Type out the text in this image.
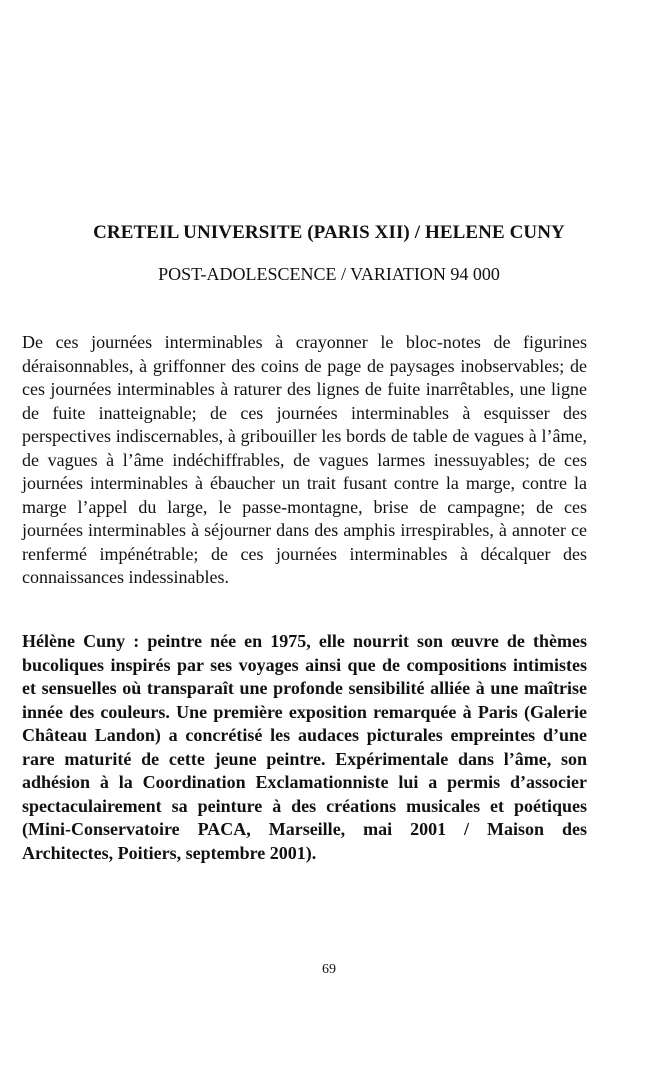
CRETEIL UNIVERSITE (PARIS XII) / HELENE CUNY
POST-ADOLESCENCE / VARIATION 94 000

De ces journées interminables à crayonner le bloc-notes de figurines déraisonnables, à griffonner des coins de page de paysages inobservables; de ces journées interminables à raturer des lignes de fuite inarrêtables, une ligne de fuite inatteignable; de ces journées interminables à esquisser des perspectives indiscernables, à gribouiller les bords de table de vagues à l’âme, de vagues à l’âme indéchiffrables, de vagues larmes inessuyables; de ces journées interminables à ébaucher un trait fusant contre la marge, contre la marge l’appel du large, le passe-montagne, brise de campagne; de ces journées interminables à séjourner dans des amphis irrespirables, à annoter ce renfermé impénétrable; de ces journées interminables à décalquer des connaissances indessinables.

Hélène Cuny : peintre née en 1975, elle nourrit son œuvre de thèmes bucoliques inspirés par ses voyages ainsi que de compositions intimistes et sensuelles où transparaît une profonde sensibilité alliée à une maîtrise innée des couleurs. Une première exposition remarquée à Paris (Galerie Château Landon) a concrétisé les audaces picturales empreintes d’une rare maturité de cette jeune peintre. Expérimentale dans l’âme, son adhésion à la Coordination Exclamationniste lui a permis d’associer spectaculairement sa peinture à des créations musicales et poétiques (Mini-Conservatoire PACA, Marseille, mai 2001 / Maison des Architectes, Poitiers, septembre 2001).

69
